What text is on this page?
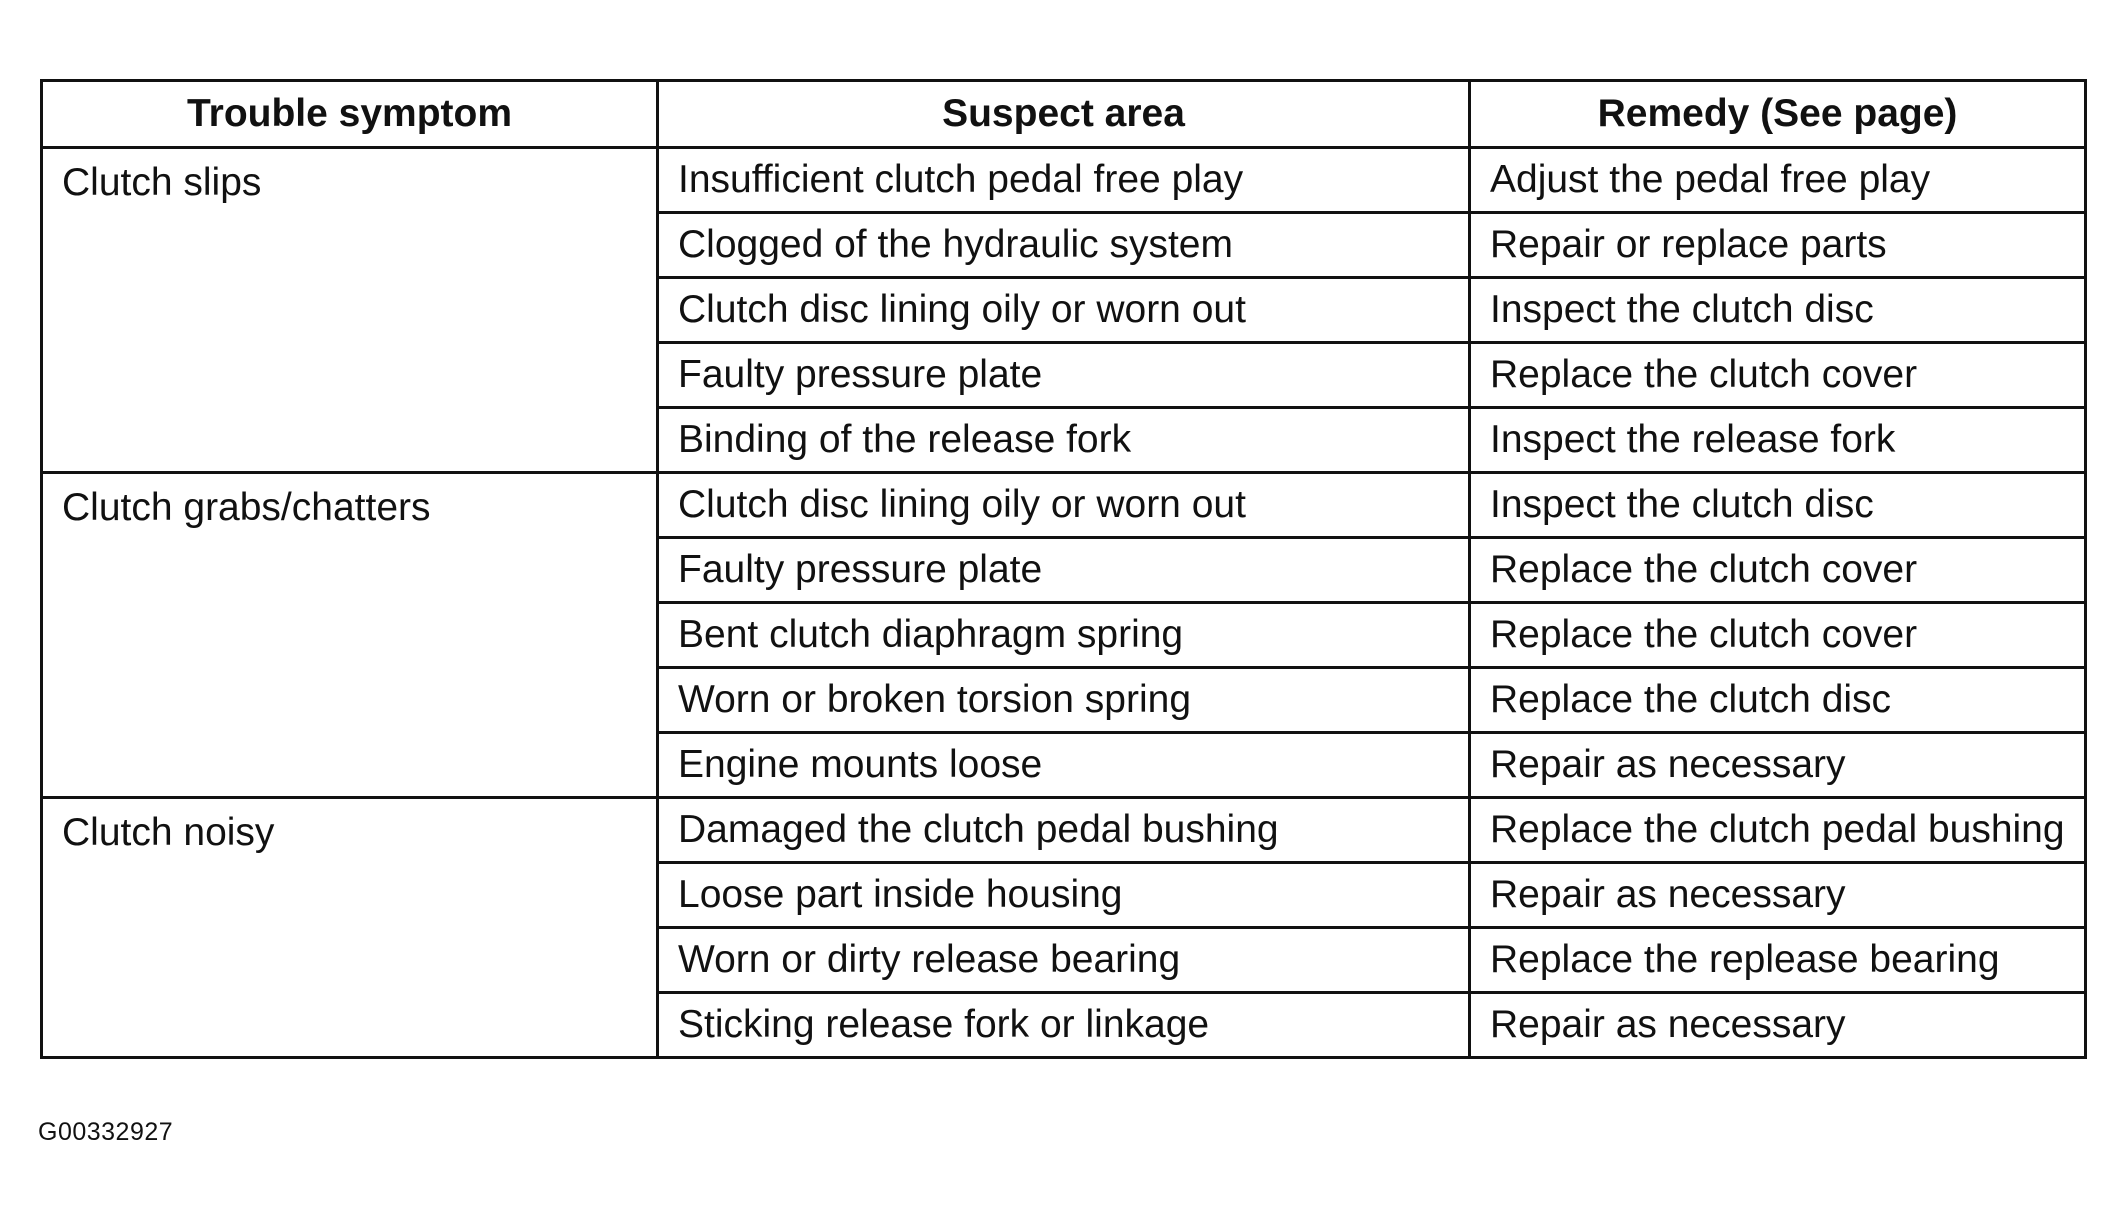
Trouble symptom	Suspect area	Remedy (See page)
Clutch slips	Insufficient clutch pedal free play	Adjust the pedal free play
	Clogged of the hydraulic system	Repair or replace parts
	Clutch disc lining oily or worn out	Inspect the clutch disc
	Faulty pressure plate	Replace the clutch cover
	Binding of the release fork	Inspect the release fork
Clutch grabs/chatters	Clutch disc lining oily or worn out	Inspect the clutch disc
	Faulty pressure plate	Replace the clutch cover
	Bent clutch diaphragm spring	Replace the clutch cover
	Worn or broken torsion spring	Replace the clutch disc
	Engine mounts loose	Repair as necessary
Clutch noisy	Damaged the clutch pedal bushing	Replace the clutch pedal bushing
	Loose part inside housing	Repair as necessary
	Worn or dirty release bearing	Replace the replease bearing
	Sticking release fork or linkage	Repair as necessary
G00332927
